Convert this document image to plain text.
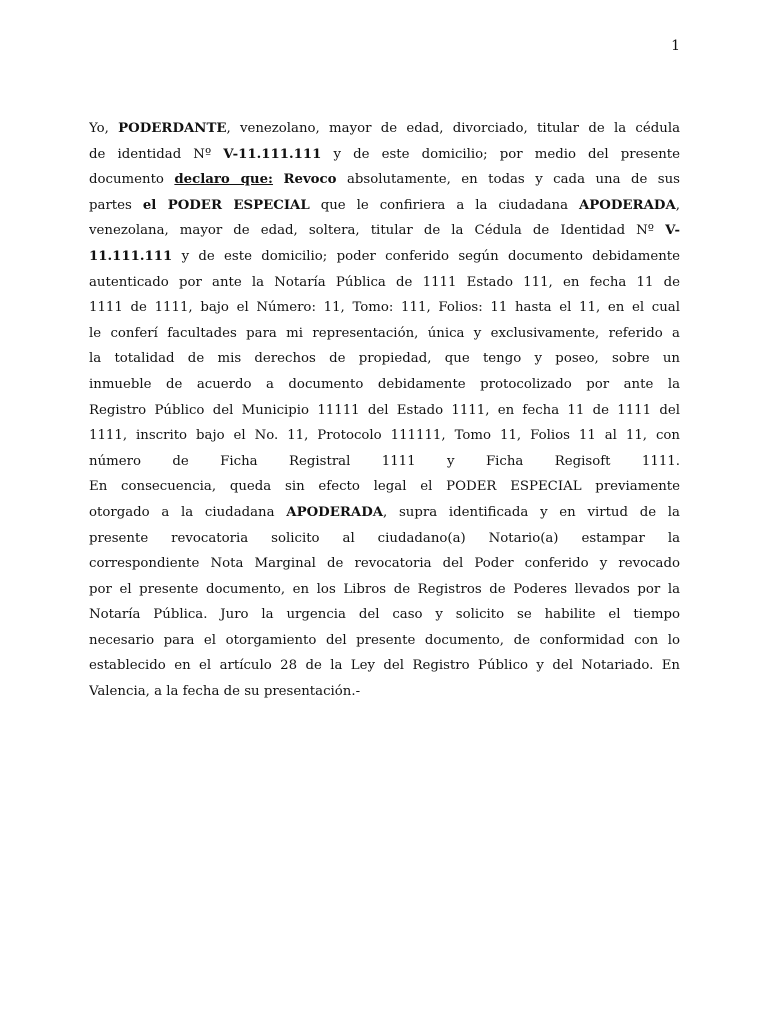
1
Yo, PODERDANTE, venezolano, mayor de edad, divorciado, titular de la cédula
de identidad Nº V-11.111.111 y de este domicilio; por medio del presente
documento declaro que: Revoco absolutamente, en todas y cada una de sus
partes el PODER ESPECIAL que le confiriera a la ciudadana APODERADA,
venezolana, mayor de edad, soltera, titular de la Cédula de Identidad Nº V-
11.111.111 y de este domicilio; poder conferido según documento debidamente
autenticado por ante la Notaría Pública de 1111 Estado 111, en fecha 11 de
1111 de 1111, bajo el Número: 11, Tomo: 111, Folios: 11 hasta el 11, en el cual
le conferí facultades para mi representación, única y exclusivamente, referido a
la totalidad de mis derechos de propiedad, que tengo y poseo, sobre un
inmueble de acuerdo a documento debidamente protocolizado por ante la
Registro Público del Municipio 11111 del Estado 1111, en fecha 11 de 1111 del
1111, inscrito bajo el No. 11, Protocolo 111111, Tomo 11, Folios 11 al 11, con
número de Ficha Registral 1111 y Ficha Regisoft 1111.
En consecuencia, queda sin efecto legal el PODER ESPECIAL previamente
otorgado a la ciudadana APODERADA, supra identificada y en virtud de la
presente revocatoria solicito al ciudadano(a) Notario(a) estampar la
correspondiente Nota Marginal de revocatoria del Poder conferido y revocado
por el presente documento, en los Libros de Registros de Poderes llevados por la
Notaría Pública. Juro la urgencia del caso y solicito se habilite el tiempo
necesario para el otorgamiento del presente documento, de conformidad con lo
establecido en el artículo 28 de la Ley del Registro Público y del Notariado. En
Valencia, a la fecha de su presentación.-
